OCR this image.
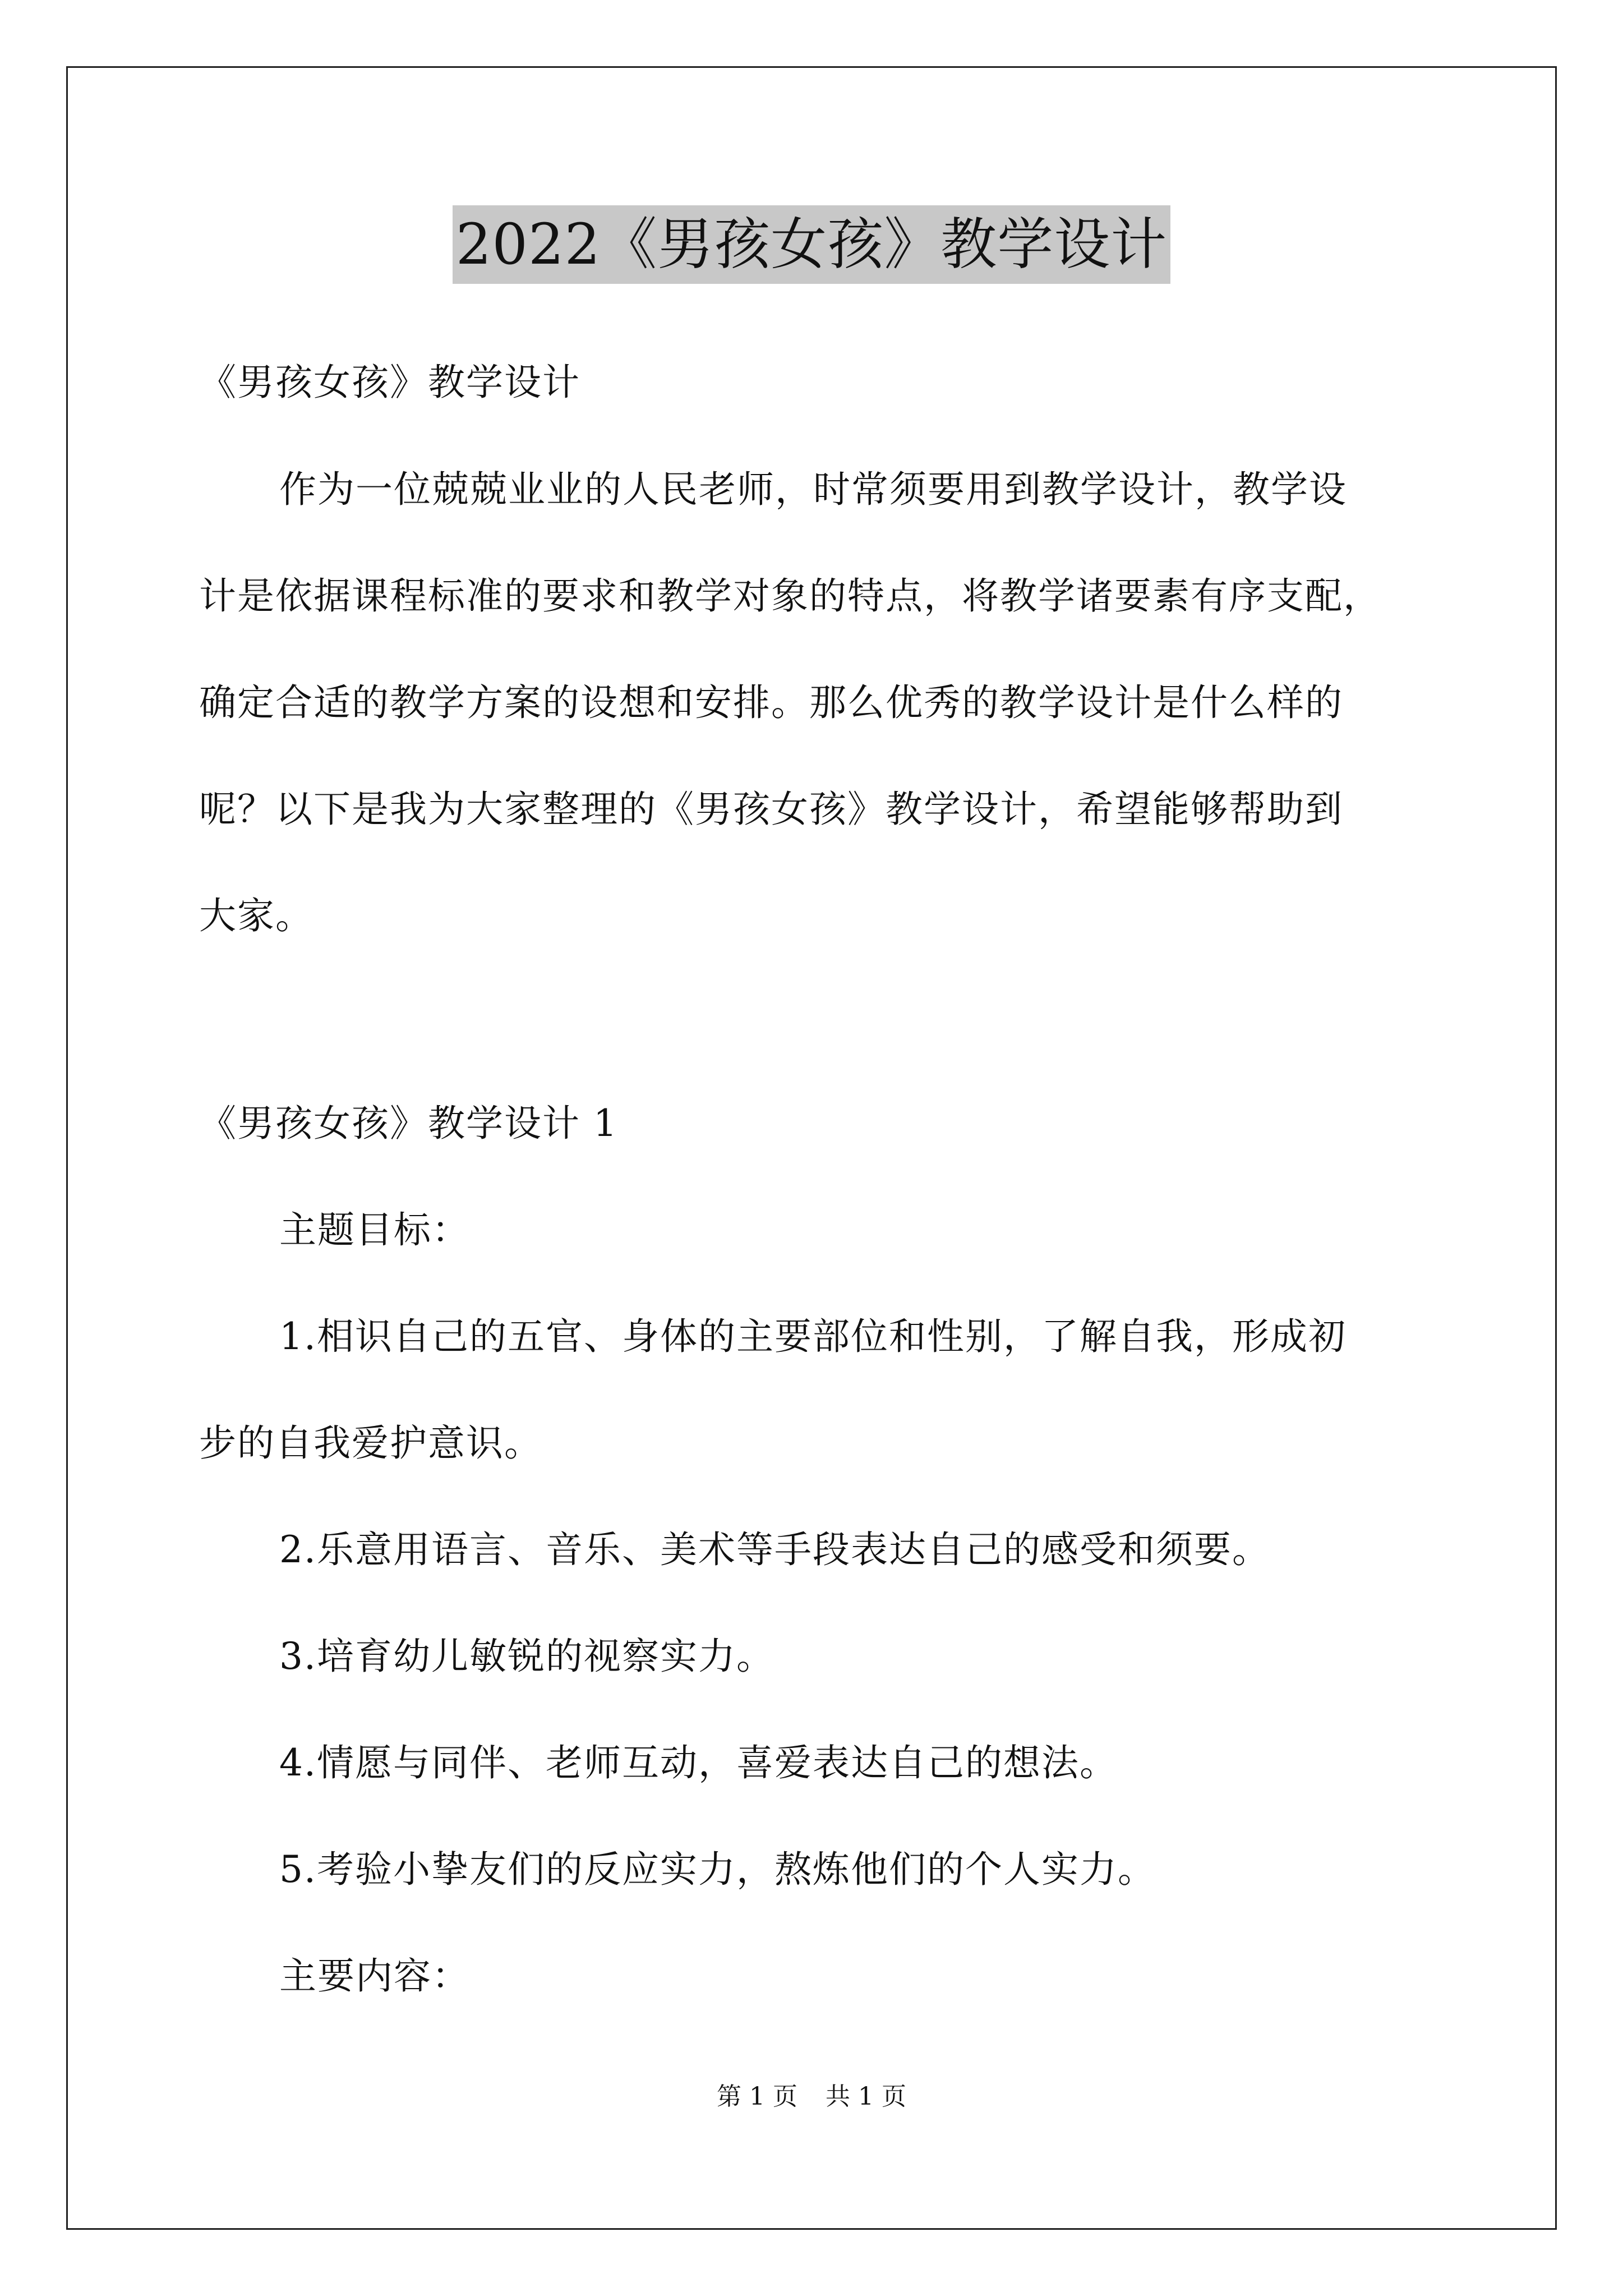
2022《男孩女孩》教学设计
《男孩女孩》教学设计
作为一位兢兢业业的人民老师，时常须要用到教学设计，教学设
计是依据课程标准的要求和教学对象的特点，将教学诸要素有序支配，
确定合适的教学方案的设想和安排。那么优秀的教学设计是什么样的
呢？以下是我为大家整理的《男孩女孩》教学设计，希望能够帮助到
大家。
《男孩女孩》教学设计 1
主题目标：
1.相识自己的五官、身体的主要部位和性别，了解自我，形成初
步的自我爱护意识。
2.乐意用语言、音乐、美术等手段表达自己的感受和须要。
3.培育幼儿敏锐的视察实力。
4.情愿与同伴、老师互动，喜爱表达自己的想法。
5.考验小挚友们的反应实力，熬炼他们的个人实力。
主要内容：
第 1 页 共 1 页
